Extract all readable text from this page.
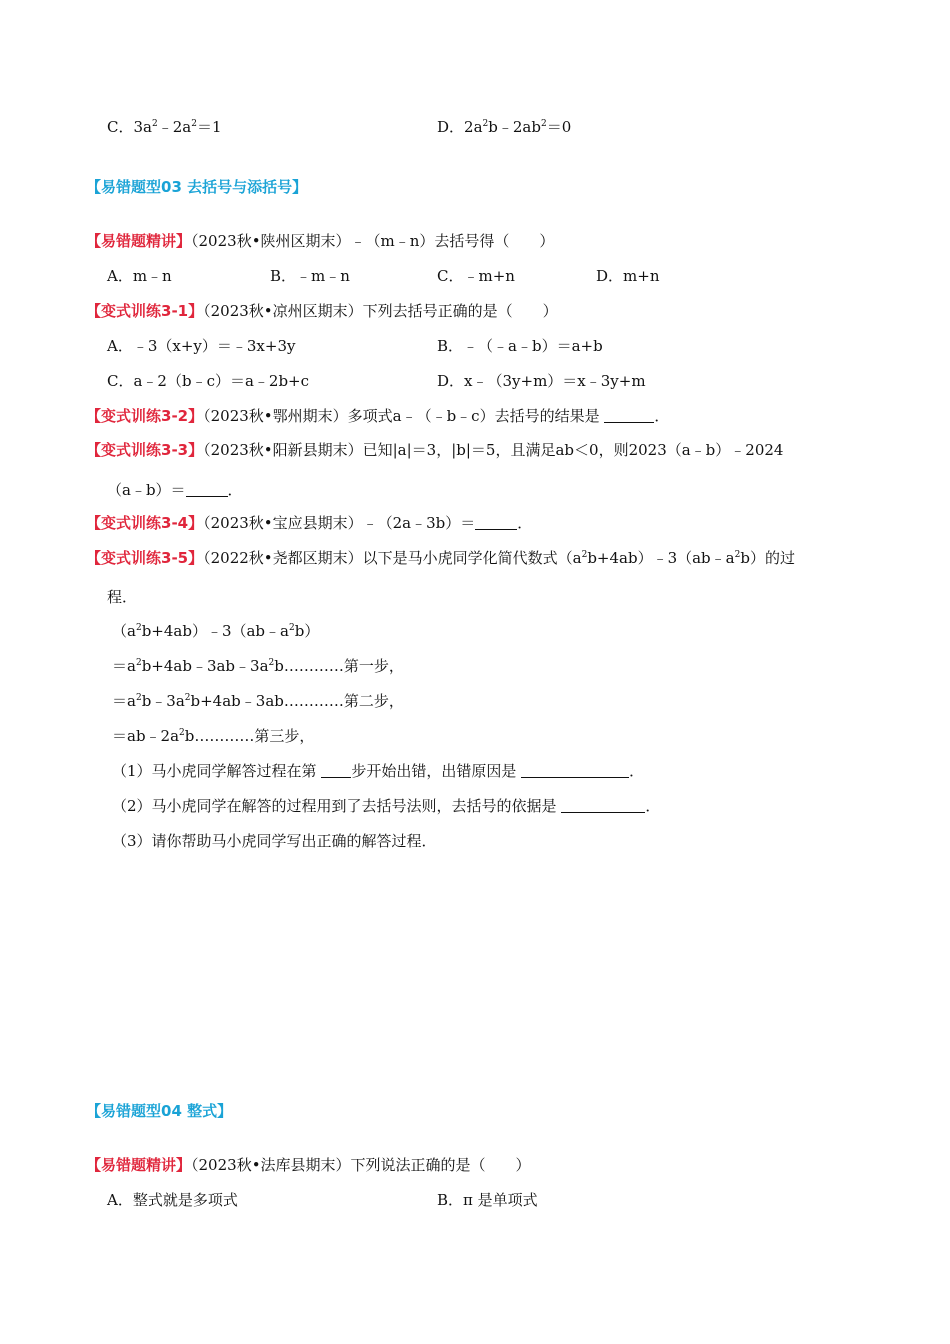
C．$3a^2﹣2a^2=1$	D．$2a^2b﹣2ab^2=0$
【易错题型03 去括号与添括号】
【易错题精讲】（2023秋•陕州区期末）﹣（m﹣n）去括号得（　　）
A．m﹣n	B．﹣m﹣n	C．﹣m+n	D．m+n
【变式训练3-1】（2023秋•凉州区期末）下列去括号正确的是（　　）
A．﹣3（x+y）＝﹣3x+3y	B．﹣（﹣a﹣b）＝a+b
C．a﹣2（b﹣c）＝a﹣2b+c	D．x﹣（3y+m）＝x﹣3y+m
【变式训练3-2】（2023秋•鄂州期末）多项式a﹣（﹣b﹣c）去括号的结果是	．
【变式训练3-3】（2023秋•阳新县期末）已知|a|＝3，|b|＝5，且满足ab＜0，则2023（a﹣b）﹣2024
（a﹣b）＝	．
【变式训练3-4】（2023秋•宝应县期末）﹣（2a﹣3b）＝	．
【变式训练3-5】（2022秋•尧都区期末）以下是马小虎同学化简代数式$(a^2b+4ab)﹣3(ab﹣a^2b)$的过
程．
$(a^2b+4ab)﹣3(ab﹣a^2b)$
$=a^2b+4ab﹣3ab﹣3a^2b\dots\dots\dots\dots$第一步，
$=a^2b﹣3a^2b+4ab﹣3ab\dots\dots\dots\dots$第二步，
$=ab﹣2a^2b\dots\dots\dots\dots$第三步，
（1）马小虎同学解答过程在第 步开始出错，出错原因是	．
（2）马小虎同学在解答的过程用到了去括号法则，去括号的依据是	．
（3）请你帮助马小虎同学写出正确的解答过程．
【易错题型04 整式】
【易错题精讲】（2023秋•法库县期末）下列说法正确的是（　　）
A．整式就是多项式	B．π 是单项式
